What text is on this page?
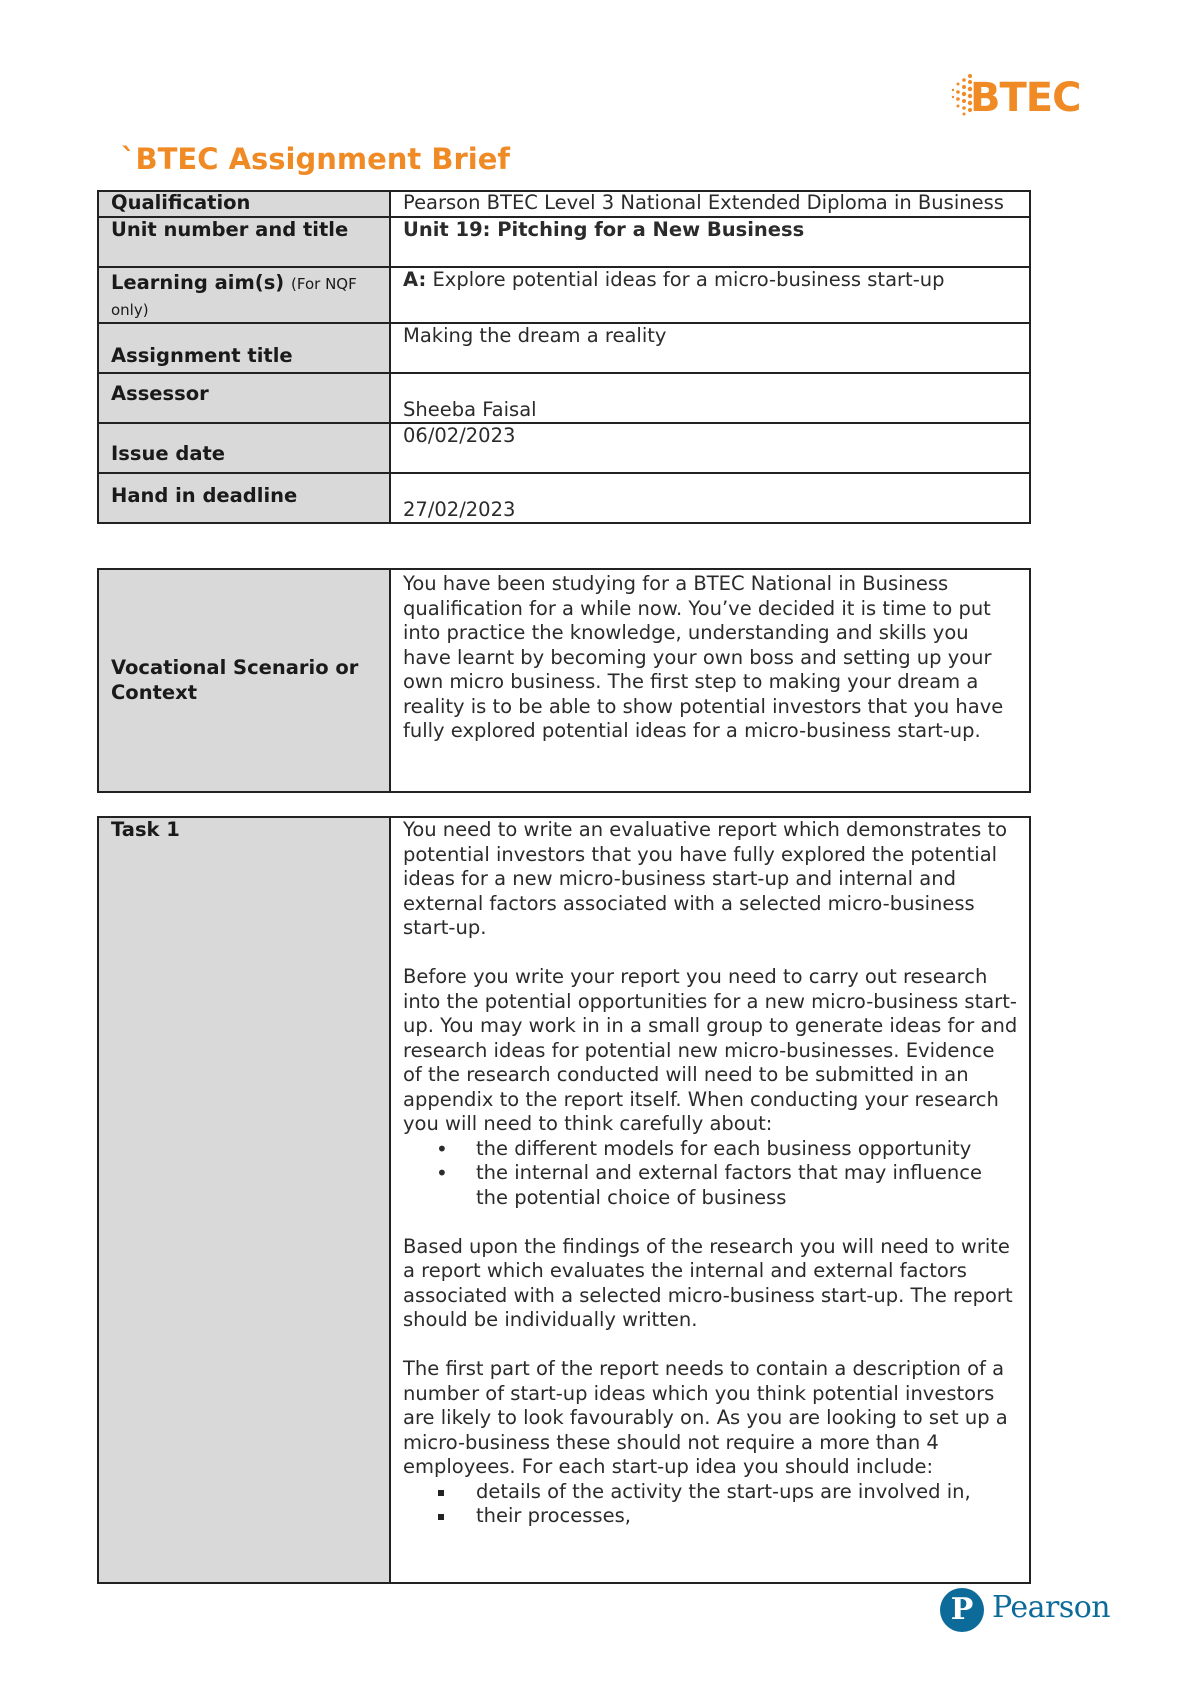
BTEC
`BTEC Assignment Brief
Qualification	Pearson BTEC Level 3 National Extended Diploma in Business
Unit number and title	Unit 19: Pitching for a New Business
Learning aim(s) (For NQF only)	A: Explore potential ideas for a micro-business start-up
Assignment title	Making the dream a reality
Assessor	Sheeba Faisal
Issue date	06/02/2023
Hand in deadline	27/02/2023
Vocational Scenario or Context	You have been studying for a BTEC National in Business qualification for a while now. You’ve decided it is time to put into practice the knowledge, understanding and skills you have learnt by becoming your own boss and setting up your own micro business. The first step to making your dream a reality is to be able to show potential investors that you have fully explored potential ideas for a micro-business start-up.
Task 1	You need to write an evaluative report which demonstrates to potential investors that you have fully explored the potential ideas for a new micro-business start-up and internal and external factors associated with a selected micro-business start-up.

Before you write your report you need to carry out research into the potential opportunities for a new micro-business start-up. You may work in in a small group to generate ideas for and research ideas for potential new micro-businesses. Evidence of the research conducted will need to be submitted in an appendix to the report itself. When conducting your research you will need to think carefully about:

• the different models for each business opportunity
• the internal and external factors that may influence the potential choice of business

Based upon the findings of the research you will need to write a report which evaluates the internal and external factors associated with a selected micro-business start-up. The report should be individually written.

The first part of the report needs to contain a description of a number of start-up ideas which you think potential investors are likely to look favourably on. As you are looking to set up a micro-business these should not require a more than 4 employees. For each start-up idea you should include:

details of the activity the start-ups are involved in,
their processes,
P Pearson
